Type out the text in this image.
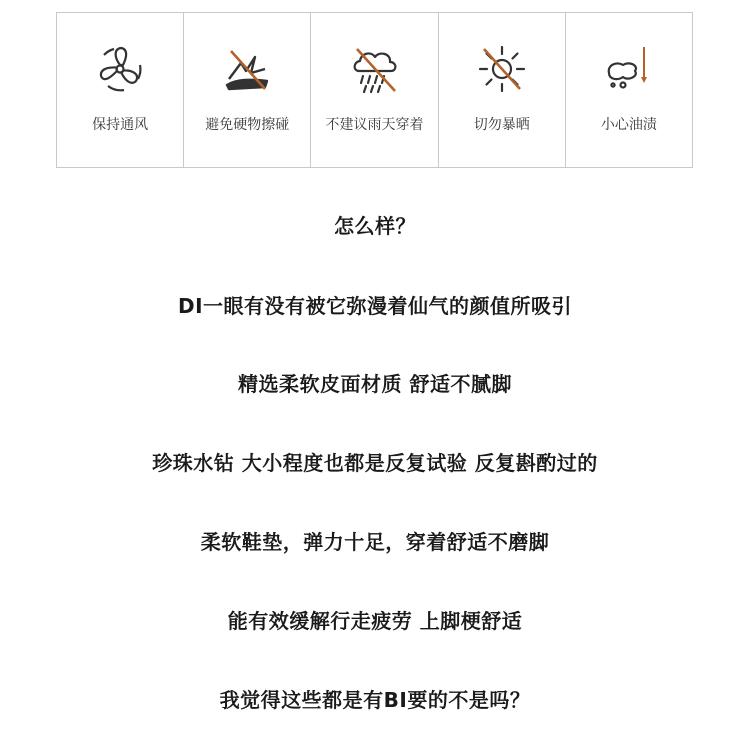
保持通风	避免硬物擦碰	不建议雨天穿着	切勿暴晒	小心油渍
怎么样？
DI一眼有没有被它弥漫着仙气的颜值所吸引
精选柔软皮面材质 舒适不腻脚
珍珠水钻 大小程度也都是反复试验 反复斟酌过的
柔软鞋垫，弹力十足，穿着舒适不磨脚
能有效缓解行走疲劳 上脚梗舒适
我觉得这些都是有BI要的不是吗？
